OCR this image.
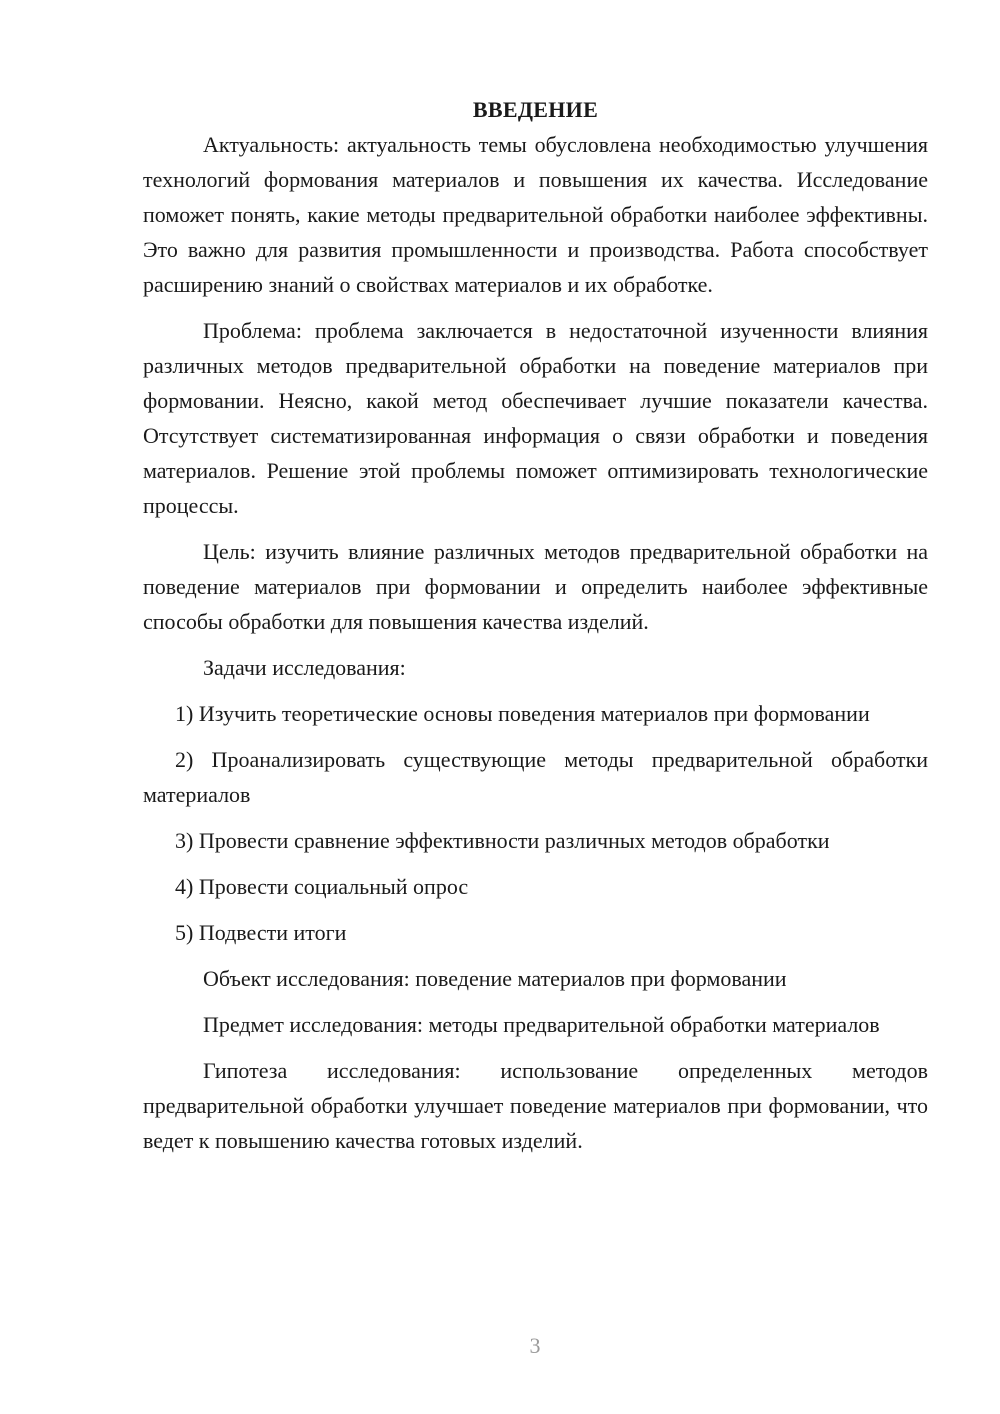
ВВЕДЕНИЕ

Актуальность: актуальность темы обусловлена необходимостью улучшения технологий формования материалов и повышения их качества. Исследование поможет понять, какие методы предварительной обработки наиболее эффективны. Это важно для развития промышленности и производства. Работа способствует расширению знаний о свойствах материалов и их обработке.

Проблема: проблема заключается в недостаточной изученности влияния различных методов предварительной обработки на поведение материалов при формовании. Неясно, какой метод обеспечивает лучшие показатели качества. Отсутствует систематизированная информация о связи обработки и поведения материалов. Решение этой проблемы поможет оптимизировать технологические процессы.

Цель: изучить влияние различных методов предварительной обработки на поведение материалов при формовании и определить наиболее эффективные способы обработки для повышения качества изделий.

Задачи исследования:

1) Изучить теоретические основы поведения материалов при формовании

2) Проанализировать существующие методы предварительной обработки материалов

3) Провести сравнение эффективности различных методов обработки

4) Провести социальный опрос

5) Подвести итоги

Объект исследования: поведение материалов при формовании

Предмет исследования: методы предварительной обработки материалов

Гипотеза исследования: использование определенных методов предварительной обработки улучшает поведение материалов при формовании, что ведет к повышению качества готовых изделий.

3
